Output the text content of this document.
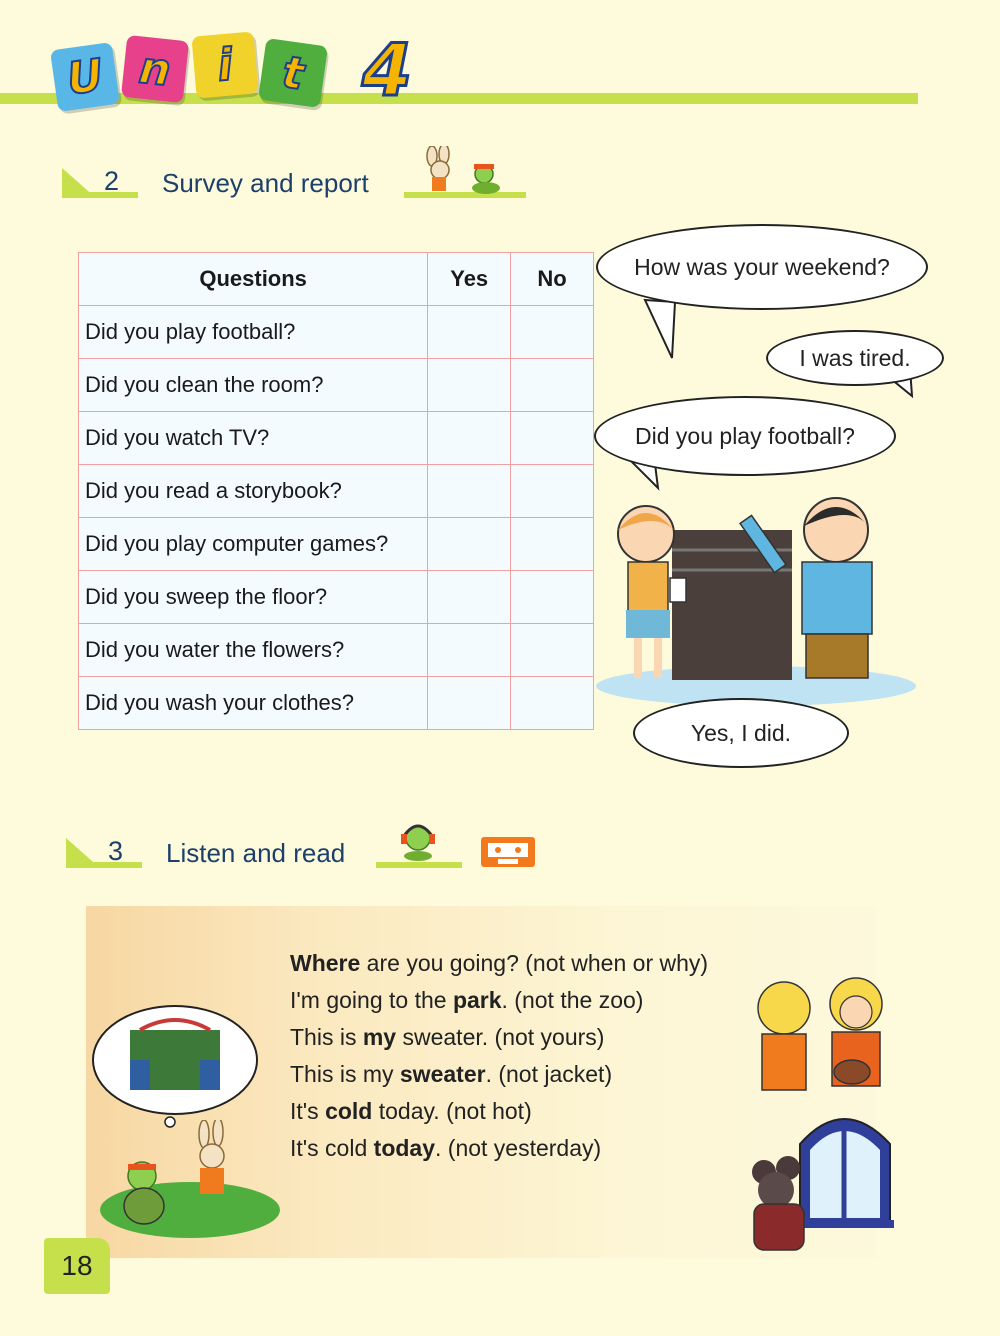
U n i	t 4
2 Survey and report
Questions	Yes	No
Did you play football?		
Did you clean the room?		
Did you watch TV?		
Did you read a storybook?		
Did you play computer games?		
Did you sweep the floor?		
Did you water the flowers?		
Did you wash your clothes?		
How was your weekend?
I was tired.
Did you play football?
Yes, I did.
3 Listen and read
Where are you going? (not when or why)
I'm going to the park. (not the zoo)
This is my sweater. (not yours)
This is my sweater. (not jacket)
It's cold today. (not hot)
It's cold today. (not yesterday)
18
